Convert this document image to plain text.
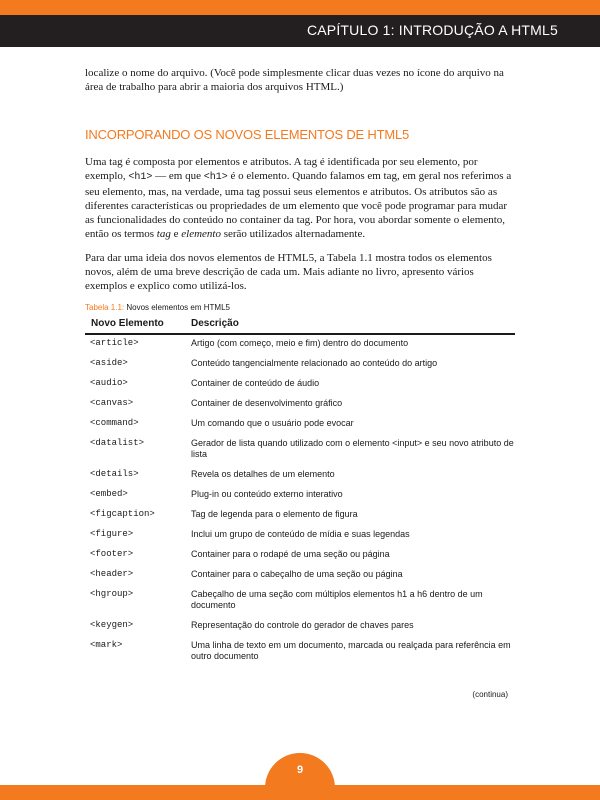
CAPÍTULO 1: INTRODUÇÃO A HTML5

localize o nome do arquivo. (Você pode simplesmente clicar duas vezes no ícone do arquivo na área de trabalho para abrir a maioria dos arquivos HTML.)

INCORPORANDO OS NOVOS ELEMENTOS DE HTML5

Uma tag é composta por elementos e atributos. A tag é identificada por seu elemento, por exemplo, <h1> — em que <h1> é o elemento. Quando falamos em tag, em geral nos referimos a seu elemento, mas, na verdade, uma tag possui seus elementos e atributos. Os atributos são as diferentes características ou propriedades de um elemento que você pode programar para mudar as funcionalidades do conteúdo no container da tag. Por hora, vou abordar somente o elemento, então os termos tag e elemento serão utilizados alternadamente.

Para dar uma ideia dos novos elementos de HTML5, a Tabela 1.1 mostra todos os elementos novos, além de uma breve descrição de cada um. Mais adiante no livro, apresento vários exemplos e explico como utilizá-los.

Tabela 1.1: Novos elementos em HTML5
Novo Elemento	Descrição
<article>	Artigo (com começo, meio e fim) dentro do documento
<aside>	Conteúdo tangencialmente relacionado ao conteúdo do artigo
<audio>	Container de conteúdo de áudio
<canvas>	Container de desenvolvimento gráfico
<command>	Um comando que o usuário pode evocar
<datalist>	Gerador de lista quando utilizado com o elemento <input> e seu novo atributo de lista
<details>	Revela os detalhes de um elemento
<embed>	Plug-in ou conteúdo externo interativo
<figcaption>	Tag de legenda para o elemento de figura
<figure>	Inclui um grupo de conteúdo de mídia e suas legendas
<footer>	Container para o rodapé de uma seção ou página
<header>	Container para o cabeçalho de uma seção ou página
<hgroup>	Cabeçalho de uma seção com múltiplos elementos h1 a h6 dentro de um documento
<keygen>	Representação do controle do gerador de chaves pares
<mark>	Uma linha de texto em um documento, marcada ou realçada para referência em outro documento
(continua)
9
